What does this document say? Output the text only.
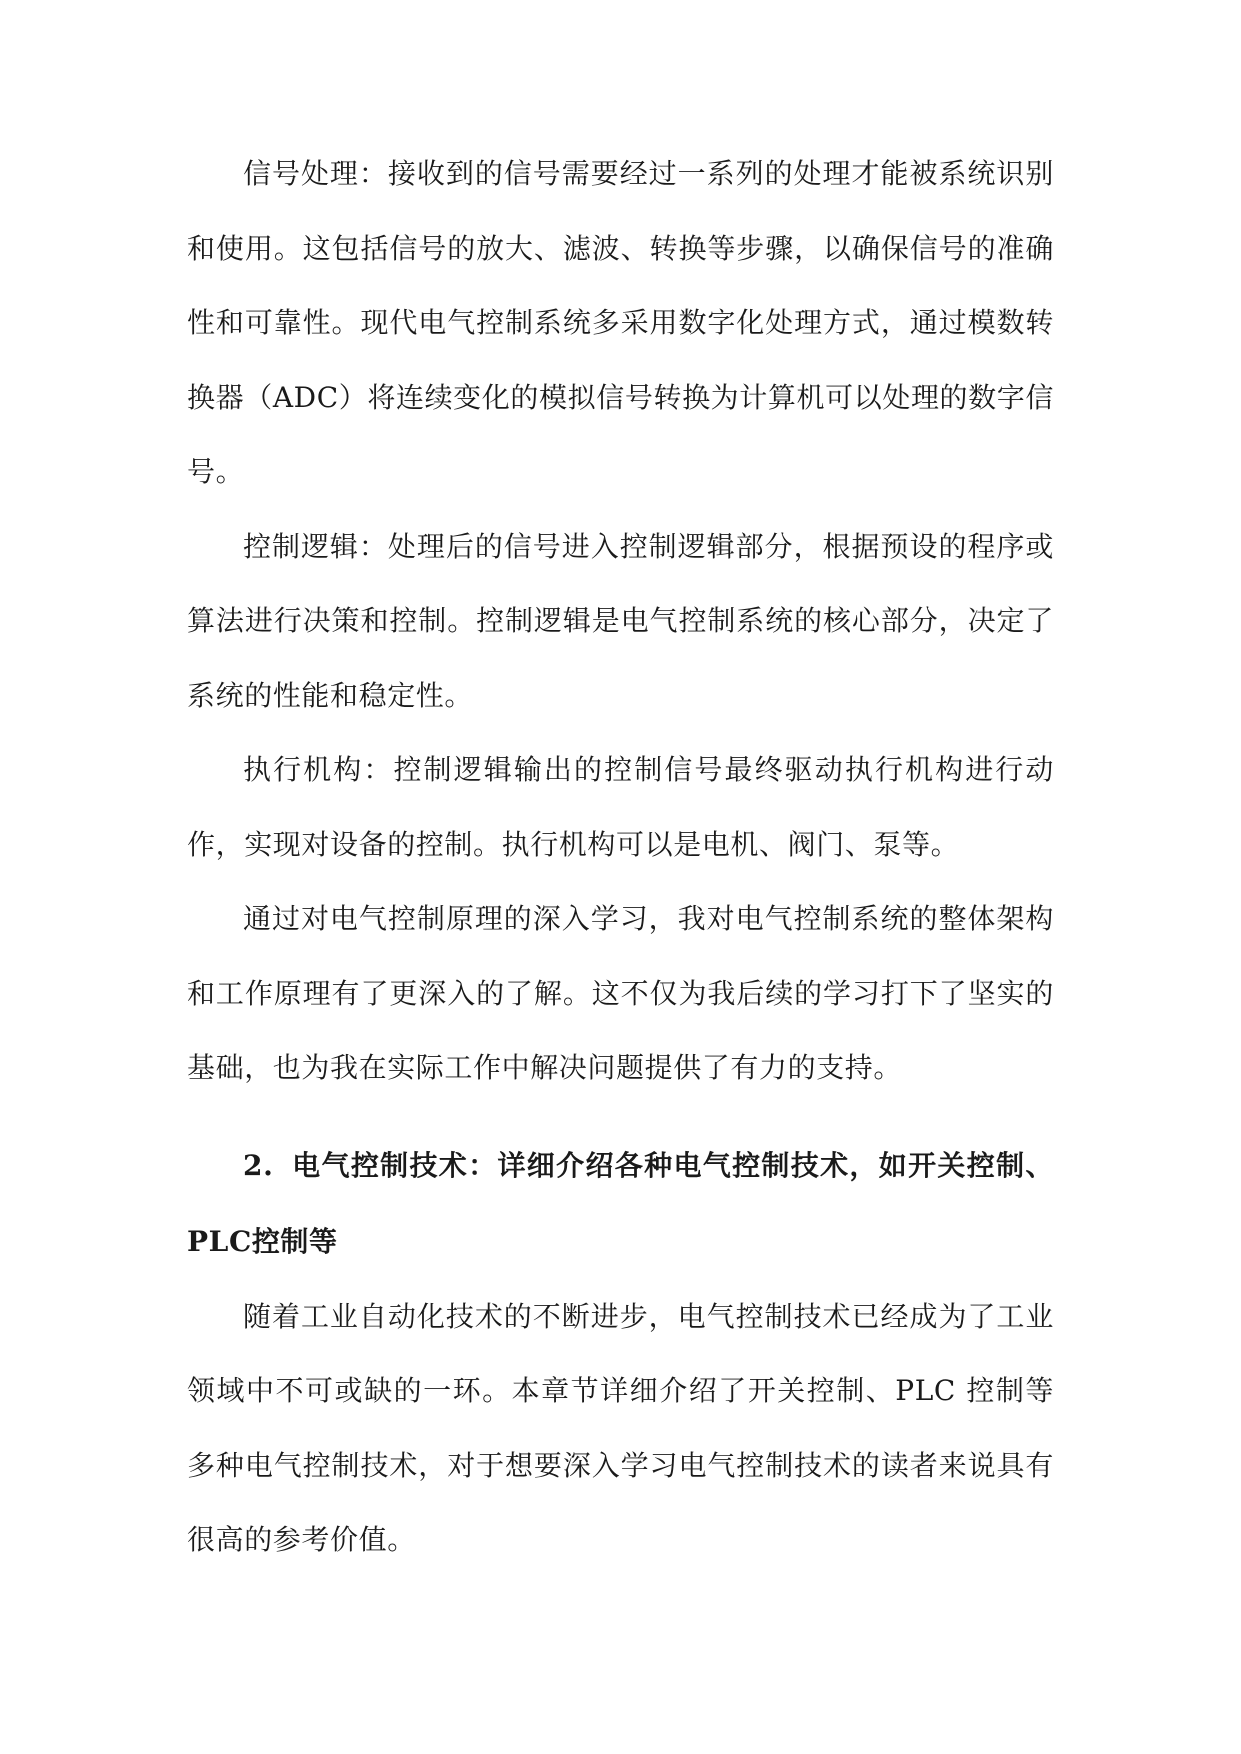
信号处理：接收到的信号需要经过一系列的处理才能被系统识别和使用。这包括信号的放大、滤波、转换等步骤，以确保信号的准确性和可靠性。现代电气控制系统多采用数字化处理方式，通过模数转换器（ADC）将连续变化的模拟信号转换为计算机可以处理的数字信号。

控制逻辑：处理后的信号进入控制逻辑部分，根据预设的程序或算法进行决策和控制。控制逻辑是电气控制系统的核心部分，决定了系统的性能和稳定性。

执行机构：控制逻辑输出的控制信号最终驱动执行机构进行动作，实现对设备的控制。执行机构可以是电机、阀门、泵等。

通过对电气控制原理的深入学习，我对电气控制系统的整体架构和工作原理有了更深入的了解。这不仅为我后续的学习打下了坚实的基础，也为我在实际工作中解决问题提供了有力的支持。

2. 电气控制技术：详细介绍各种电气控制技术，如开关控制、PLC控制等

随着工业自动化技术的不断进步，电气控制技术已经成为了工业领域中不可或缺的一环。本章节详细介绍了开关控制、PLC 控制等多种电气控制技术，对于想要深入学习电气控制技术的读者来说具有很高的参考价值。
